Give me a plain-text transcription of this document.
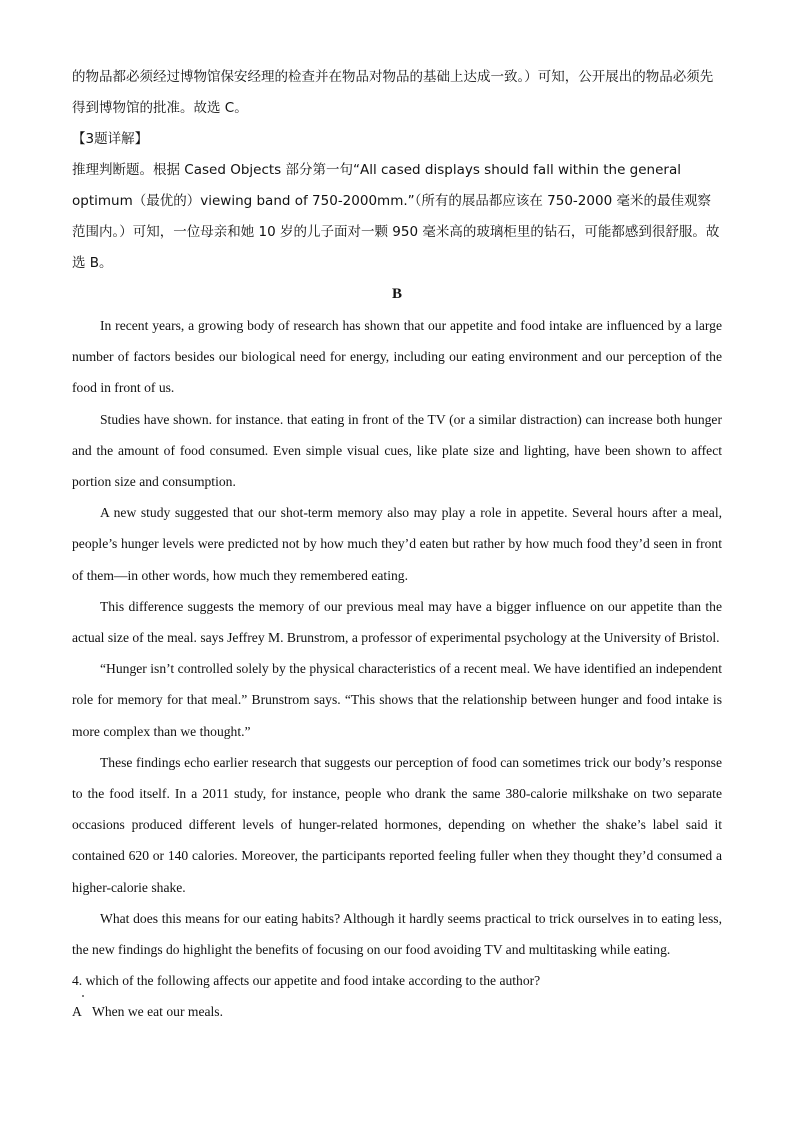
的物品都必须经过博物馆保安经理的检查并在物品对物品的基础上达成一致。）可知，公开展出的物品必须先得到博物馆的批准。故选 C。

【3题详解】

推理判断题。根据 Cased Objects 部分第一句“All cased displays should fall within the general optimum（最优的）viewing band of 750-2000mm.”（所有的展品都应该在 750-2000 毫米的最佳观察范围内。）可知，一位母亲和她 10 岁的儿子面对一颗 950 毫米高的玻璃柜里的钻石，可能都感到很舒服。故选 B。

B

In recent years, a growing body of research has shown that our appetite and food intake are influenced by a large number of factors besides our biological need for energy, including our eating environment and our perception of the food in front of us.

Studies have shown. for instance. that eating in front of the TV (or a similar distraction) can increase both hunger and the amount of food consumed. Even simple visual cues, like plate size and lighting, have been shown to affect portion size and consumption.

A new study suggested that our shot-term memory also may play a role in appetite. Several hours after a meal, people’s hunger levels were predicted not by how much they’d eaten but rather by how much food they’d seen in front of them—in other words, how much they remembered eating.

This difference suggests the memory of our previous meal may have a bigger influence on our appetite than the actual size of the meal. says Jeffrey M. Brunstrom, a professor of experimental psychology at the University of Bristol.

“Hunger isn’t controlled solely by the physical characteristics of a recent meal. We have identified an independent role for memory for that meal.” Brunstrom says. “This shows that the relationship between hunger and food intake is more complex than we thought.”

These findings echo earlier research that suggests our perception of food can sometimes trick our body’s response to the food itself. In a 2011 study, for instance, people who drank the same 380-calorie milkshake on two separate occasions produced different levels of hunger-related hormones, depending on whether the shake’s label said it contained 620 or 140 calories. Moreover, the participants reported feeling fuller when they thought they’d consumed a higher-calorie shake.

What does this means for our eating habits? Although it hardly seems practical to trick ourselves in to eating less, the new findings do highlight the benefits of focusing on our food avoiding TV and multitasking while eating.

4. which of the following affects our appetite and food intake according to the author?

A When we eat our meals.
